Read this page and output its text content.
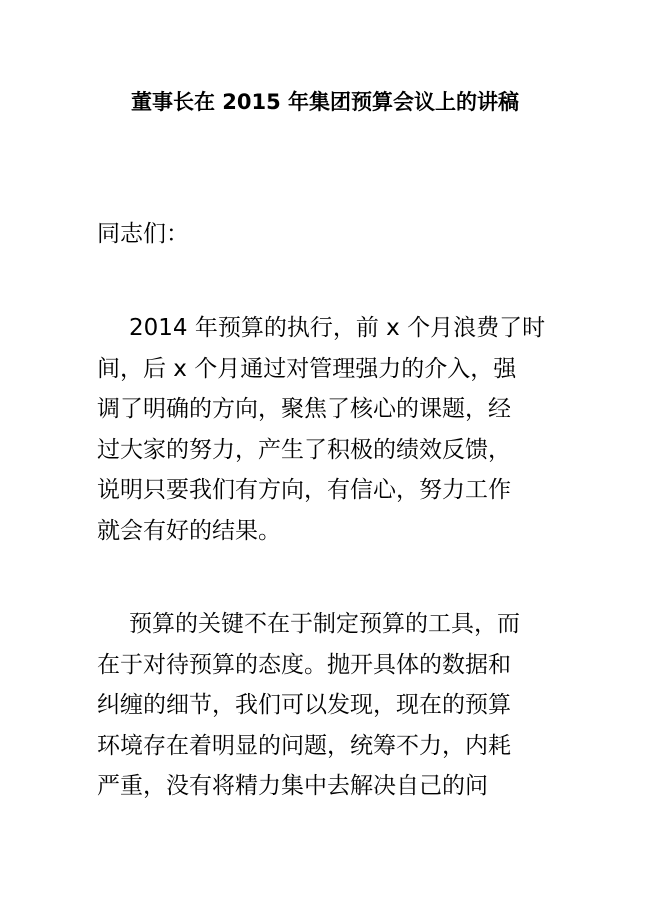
董事长在 2015 年集团预算会议上的讲稿
同志们：
2014 年预算的执行，前 x 个月浪费了时
间，后 x 个月通过对管理强力的介入，强
调了明确的方向，聚焦了核心的课题，经
过大家的努力，产生了积极的绩效反馈，
说明只要我们有方向，有信心，努力工作
就会有好的结果。
预算的关键不在于制定预算的工具，而
在于对待预算的态度。抛开具体的数据和
纠缠的细节，我们可以发现，现在的预算
环境存在着明显的问题，统筹不力，内耗
严重，没有将精力集中去解决自己的问
